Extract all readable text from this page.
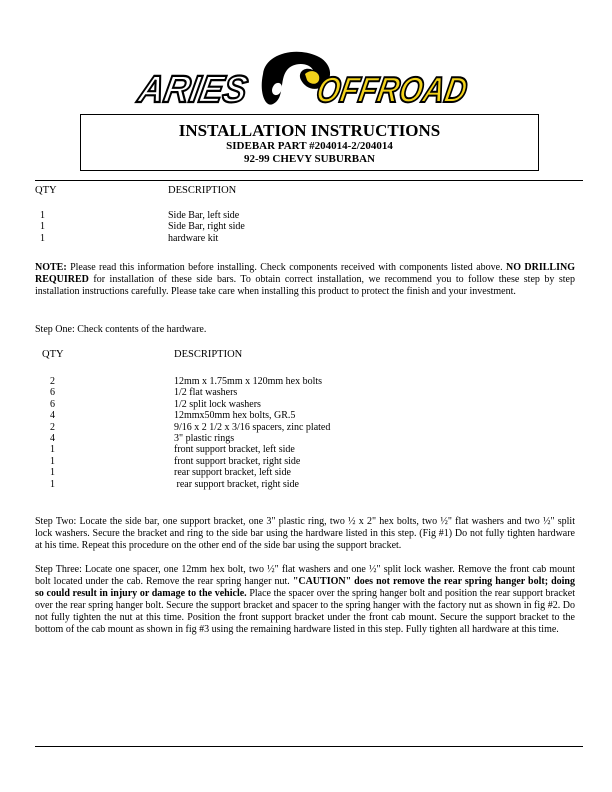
ARIES OFFROAD
INSTALLATION INSTRUCTIONS
SIDEBAR PART #204014-2/204014
92-99 CHEVY SUBURBAN
QTY	DESCRIPTION
1	Side Bar, left side
1	Side Bar, right side
1	hardware kit
NOTE: Please read this information before installing. Check components received with components listed above. NO DRILLING REQUIRED for installation of these side bars. To obtain correct installation, we recommend you to follow these step by step installation instructions carefully. Please take care when installing this product to protect the finish and your investment.
Step One: Check contents of the hardware.
QTY	DESCRIPTION
2	12mm x 1.75mm x 120mm hex bolts
6	1/2 flat washers
6	1/2 split lock washers
4	12mmx50mm hex bolts, GR.5
2	9/16 x 2 1/2 x 3/16 spacers, zinc plated
4	3" plastic rings
1	front support bracket, left side
1	front support bracket, right side
1	rear support bracket, left side
1	rear support bracket, right side
Step Two: Locate the side bar, one support bracket, one 3" plastic ring, two ½ x 2" hex bolts, two ½" flat washers and two ½" split lock washers. Secure the bracket and ring to the side bar using the hardware listed in this step. (Fig #1) Do not fully tighten hardware at his time. Repeat this procedure on the other end of the side bar using the support bracket.
Step Three: Locate one spacer, one 12mm hex bolt, two ½" flat washers and one ½" split lock washer. Remove the front cab mount bolt located under the cab. Remove the rear spring hanger nut. "CAUTION" does not remove the rear spring hanger bolt; doing so could result in injury or damage to the vehicle. Place the spacer over the spring hanger bolt and position the rear support bracket over the rear spring hanger bolt. Secure the support bracket and spacer to the spring hanger with the factory nut as shown in fig #2. Do not fully tighten the nut at this time. Position the front support bracket under the front cab mount. Secure the support bracket to the bottom of the cab mount as shown in fig #3 using the remaining hardware listed in this step. Fully tighten all hardware at this time.
